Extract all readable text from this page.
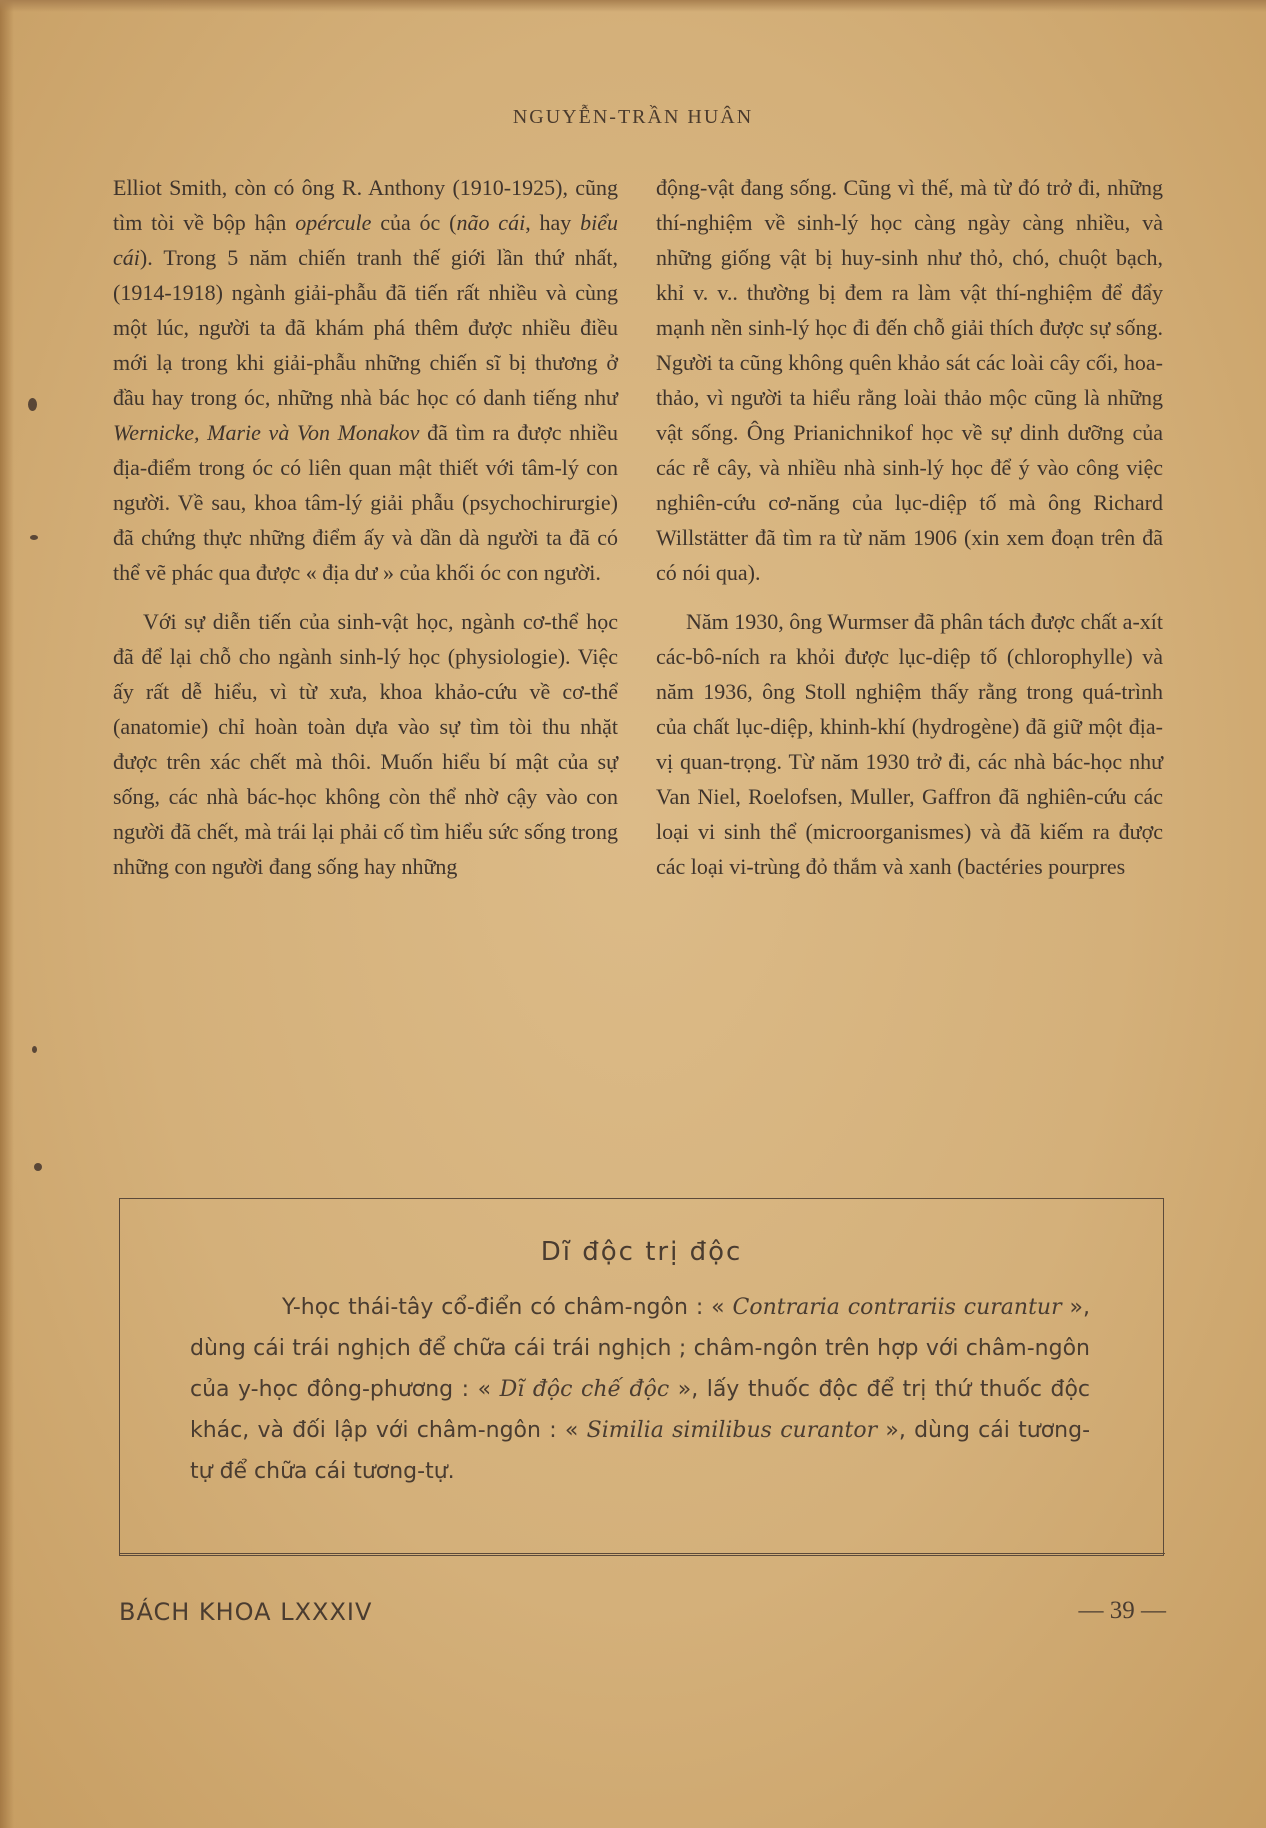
NGUYỄN-TRẦN HUÂN

Elliot Smith, còn có ông R. Anthony (1910-1925), cũng tìm tòi về bộp hận opércule của óc (não cái, hay biểu cái). Trong 5 năm chiến tranh thế giới lần thứ nhất, (1914-1918) ngành giải-phẫu đã tiến rất nhiều và cùng một lúc, người ta đã khám phá thêm được nhiều điều mới lạ trong khi giải-phẫu những chiến sĩ bị thương ở đầu hay trong óc, những nhà bác học có danh tiếng như Wernicke, Marie và Von Monakov đã tìm ra được nhiều địa-điểm trong óc có liên quan mật thiết với tâm-lý con người. Về sau, khoa tâm-lý giải phẫu (psychochirurgie) đã chứng thực những điểm ấy và dần dà người ta đã có thể vẽ phác qua được « địa dư » của khối óc con người.

Với sự diễn tiến của sinh-vật học, ngành cơ-thể học đã để lại chỗ cho ngành sinh-lý học (physiologie). Việc ấy rất dễ hiểu, vì từ xưa, khoa khảo-cứu về cơ-thể (anatomie) chỉ hoàn toàn dựa vào sự tìm tòi thu nhặt được trên xác chết mà thôi. Muốn hiểu bí mật của sự sống, các nhà bác-học không còn thể nhờ cậy vào con người đã chết, mà trái lại phải cố tìm hiểu sức sống trong những con người đang sống hay những

động-vật đang sống. Cũng vì thế, mà từ đó trở đi, những thí-nghiệm về sinh-lý học càng ngày càng nhiều, và những giống vật bị huy-sinh như thỏ, chó, chuột bạch, khỉ v. v.. thường bị đem ra làm vật thí-nghiệm để đẩy mạnh nền sinh-lý học đi đến chỗ giải thích được sự sống. Người ta cũng không quên khảo sát các loài cây cối, hoa-thảo, vì người ta hiểu rằng loài thảo mộc cũng là những vật sống. Ông Prianichnikof học về sự dinh dưỡng của các rễ cây, và nhiều nhà sinh-lý học để ý vào công việc nghiên-cứu cơ-năng của lục-diệp tố mà ông Richard Willstätter đã tìm ra từ năm 1906 (xin xem đoạn trên đã có nói qua).

Năm 1930, ông Wurmser đã phân tách được chất a-xít các-bô-ních ra khỏi được lục-diệp tố (chlorophylle) và năm 1936, ông Stoll nghiệm thấy rằng trong quá-trình của chất lục-diệp, khinh-khí (hydrogène) đã giữ một địa-vị quan-trọng. Từ năm 1930 trở đi, các nhà bác-học như Van Niel, Roelofsen, Muller, Gaffron đã nghiên-cứu các loại vi sinh thể (microorganismes) và đã kiếm ra được các loại vi-trùng đỏ thắm và xanh (bactéries pourpres

Dĩ độc trị độc

Y-học thái-tây cổ-điển có châm-ngôn : « Contraria contrariis curantur », dùng cái trái nghịch để chữa cái trái nghịch ; châm-ngôn trên hợp với châm-ngôn của y-học đông-phương : « Dĩ độc chế độc », lấy thuốc độc để trị thứ thuốc độc khác, và đối lập với châm-ngôn : « Similia similibus curantor », dùng cái tương-tự để chữa cái tương-tự.

BÁCH KHOA LXXXIV	— 39 —
